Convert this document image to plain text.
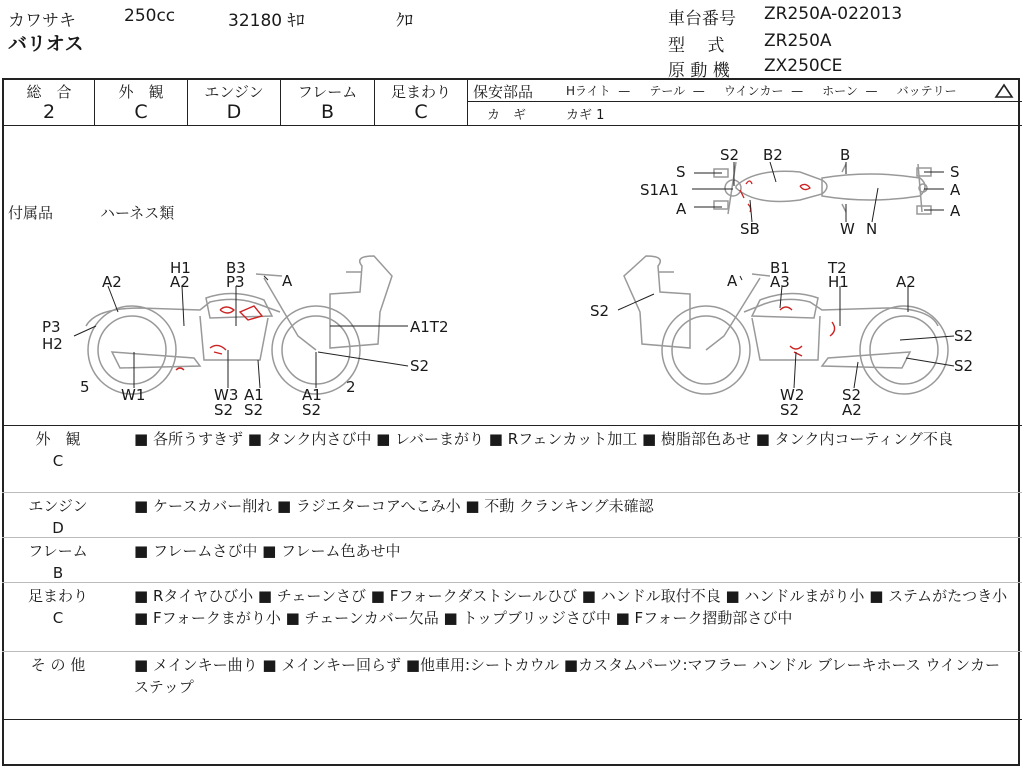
カワサキ	250cc	32180 ｷﾛ	ｸﾛ
バリオス
車台番号 ZR250A-022013
型　 式 ZR250A
原 動 機 ZX250CE
総　合
2
外　観
C
エンジン
D
フレーム
B
足まわり
C
保安部品	Hライト  —     テール  —     ウインカー  —     ホーン  —     バッテリー
カ　ギ	カギ 1
付属品	ハーネス類
S
S2 B2	B
S
S1A1	A
A	A
SB	W N
H1 B3
A2	A2 P3 A
P3
H2
A1T2
S2
5	2
W1	W3 A1	A1
S2 S2	S2
B1	T2
A A3	H1	A2
S2
S2
S2
W2	S2
S2	A2
外　観
C
■ 各所うすきず ■ タンク内さび中 ■ レバーまがり ■ Rフェンカット加工 ■ 樹脂部色あせ ■ タンク内コーティング不良
エンジン
D
■ ケースカバー削れ ■ ラジエターコアへこみ小 ■ 不動 クランキング未確認
フレーム
B
■ フレームさび中 ■ フレーム色あせ中
足まわり
C
■ Rタイヤひび小 ■ チェーンさび ■ Fフォークダストシールひび ■ ハンドル取付不良 ■ ハンドルまがり小 ■ ステムがたつき小 ■ Fフォークまがり小 ■ チェーンカバー欠品 ■ トップブリッジさび中 ■ Fフォーク摺動部さび中
そ の 他	■ メインキー曲り ■ メインキー回らず ■他車用:シートカウル ■カスタムパーツ:マフラー ハンドル ブレーキホース ウインカー ステップ
